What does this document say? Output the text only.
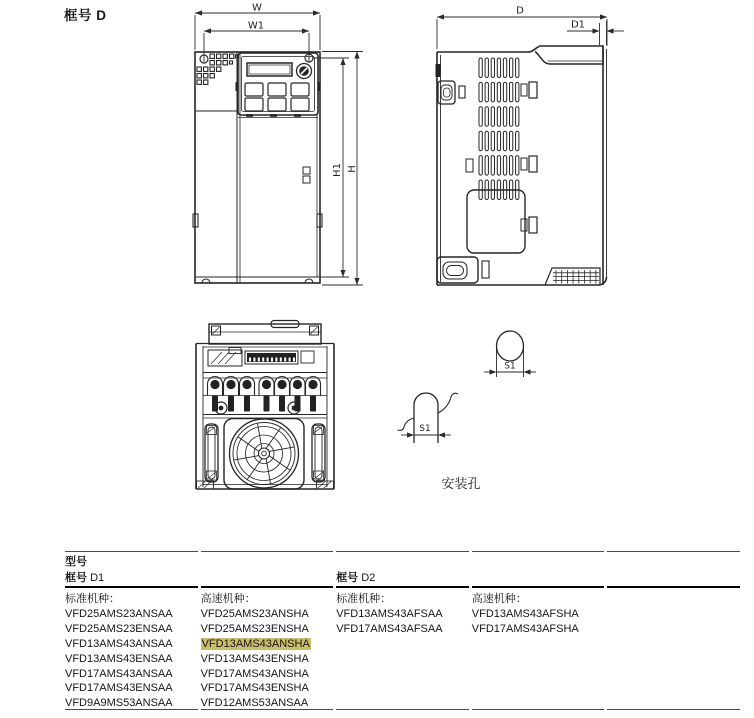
框号 D	W
W1
H1 H
D
D1
S1
S1
安装孔
型号
框号 D1	框号 D2
标准机种：
VFD25AMS23ANSAA
VFD25AMS23ENSAA
VFD13AMS43ANSAA
VFD13AMS43ENSAA
VFD17AMS43ANSAA
VFD17AMS43ENSAA
VFD9A9MS53ANSAA
高速机种：
VFD25AMS23ANSHA
VFD25AMS23ENSHA
VFD13AMS43ANSHA
VFD13AMS43ENSHA
VFD17AMS43ANSHA
VFD17AMS43ENSHA
VFD12AMS53ANSAA
标准机种：
VFD13AMS43AFSAA
VFD17AMS43AFSAA
高速机种：
VFD13AMS43AFSHA
VFD17AMS43AFSHA
